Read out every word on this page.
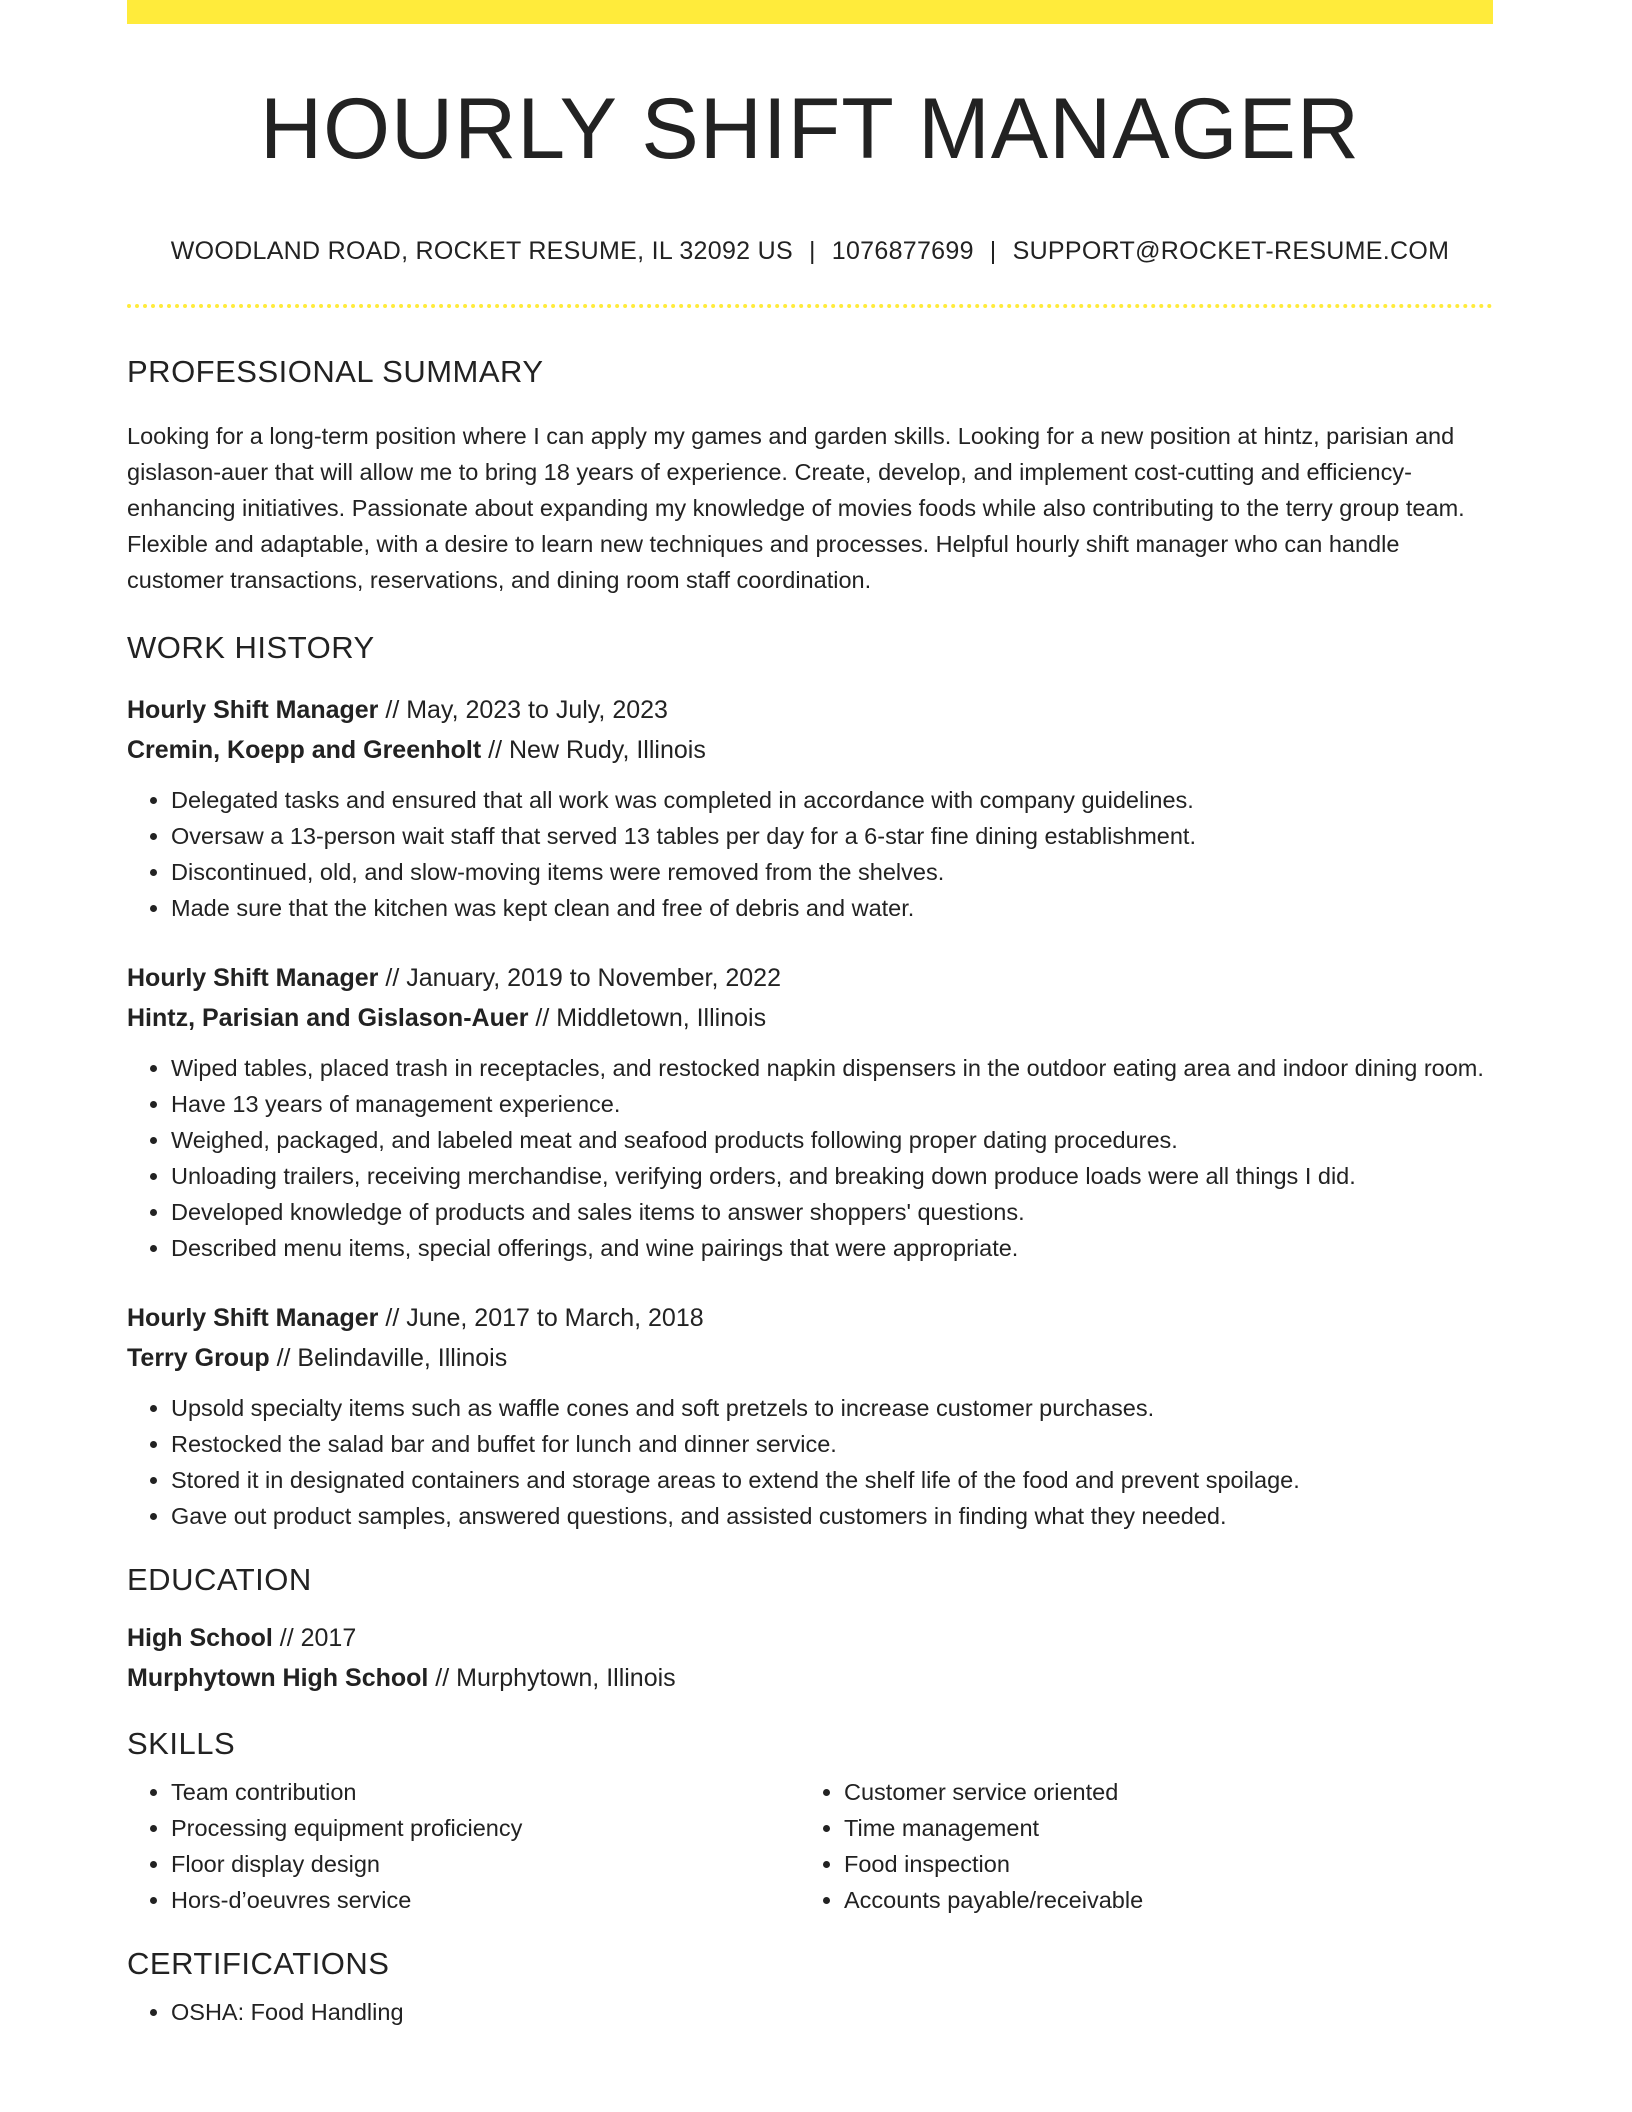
HOURLY SHIFT MANAGER
WOODLAND ROAD, ROCKET RESUME, IL 32092 US | 1076877699 | SUPPORT@ROCKET-RESUME.COM
PROFESSIONAL SUMMARY

Looking for a long-term position where I can apply my games and garden skills. Looking for a new position at hintz, parisian and gislason-auer that will allow me to bring 18 years of experience. Create, develop, and implement cost-cutting and efficiency-enhancing initiatives. Passionate about expanding my knowledge of movies foods while also contributing to the terry group team. Flexible and adaptable, with a desire to learn new techniques and processes. Helpful hourly shift manager who can handle customer transactions, reservations, and dining room staff coordination.

WORK HISTORY
Hourly Shift Manager // May, 2023 to July, 2023
Cremin, Koepp and Greenholt // New Rudy, Illinois
• Delegated tasks and ensured that all work was completed in accordance with company guidelines.
• Oversaw a 13-person wait staff that served 13 tables per day for a 6-star fine dining establishment.
• Discontinued, old, and slow-moving items were removed from the shelves.
• Made sure that the kitchen was kept clean and free of debris and water.
Hourly Shift Manager // January, 2019 to November, 2022
Hintz, Parisian and Gislason-Auer // Middletown, Illinois
• Wiped tables, placed trash in receptacles, and restocked napkin dispensers in the outdoor eating area and indoor dining room.
• Have 13 years of management experience.
• Weighed, packaged, and labeled meat and seafood products following proper dating procedures.
• Unloading trailers, receiving merchandise, verifying orders, and breaking down produce loads were all things I did.
• Developed knowledge of products and sales items to answer shoppers' questions.
• Described menu items, special offerings, and wine pairings that were appropriate.
Hourly Shift Manager // June, 2017 to March, 2018
Terry Group // Belindaville, Illinois
• Upsold specialty items such as waffle cones and soft pretzels to increase customer purchases.
• Restocked the salad bar and buffet for lunch and dinner service.
• Stored it in designated containers and storage areas to extend the shelf life of the food and prevent spoilage.
• Gave out product samples, answered questions, and assisted customers in finding what they needed.
EDUCATION
High School // 2017
Murphytown High School // Murphytown, Illinois
SKILLS
• Team contribution
• Processing equipment proficiency
• Floor display design
• Hors-d’oeuvres service
• Customer service oriented
• Time management
• Food inspection
• Accounts payable/receivable
CERTIFICATIONS
• OSHA: Food Handling
